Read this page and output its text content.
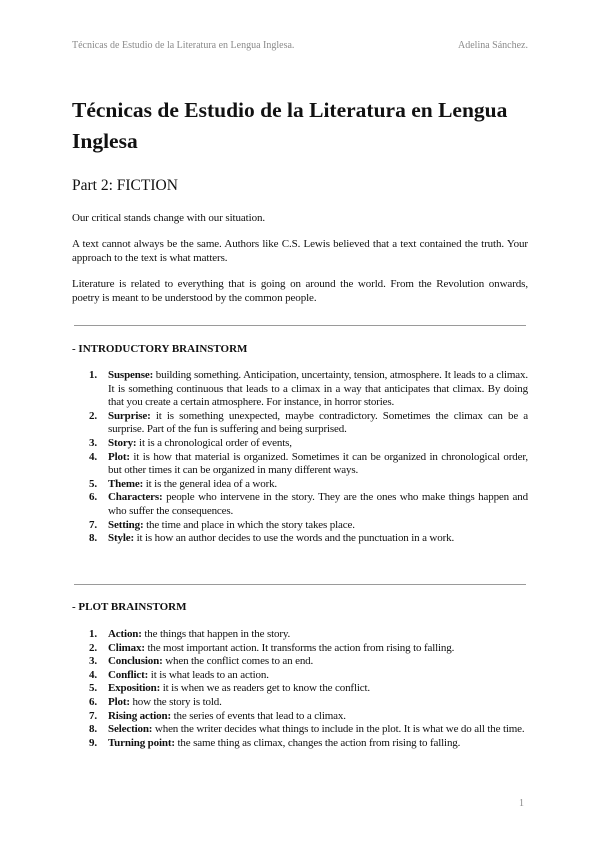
Técnicas de Estudio de la Literatura en Lengua Inglesa.	Adelina Sánchez.
Técnicas de Estudio de la Literatura en Lengua Inglesa
Part 2: FICTION

Our critical stands change with our situation.

A text cannot always be the same. Authors like C.S. Lewis believed that a text contained the truth. Your approach to the text is what matters.

Literature is related to everything that is going on around the world. From the Revolution onwards, poetry is meant to be understood by the common people.

- INTRODUCTORY BRAINSTORM
1. Suspense: building something. Anticipation, uncertainty, tension, atmosphere. It leads to a climax. It is something continuous that leads to a climax in a way that anticipates that climax. By doing that you create a certain atmosphere. For instance, in horror stories.
2. Surprise: it is something unexpected, maybe contradictory. Sometimes the climax can be a surprise. Part of the fun is suffering and being surprised.
3. Story: it is a chronological order of events,
4. Plot: it is how that material is organized. Sometimes it can be organized in chronological order, but other times it can be organized in many different ways.
5. Theme: it is the general idea of a work.
6. Characters: people who intervene in the story. They are the ones who make things happen and who suffer the consequences.
7. Setting: the time and place in which the story takes place.
8. Style: it is how an author decides to use the words and the punctuation in a work.
- PLOT BRAINSTORM
1. Action: the things that happen in the story.
2. Climax: the most important action. It transforms the action from rising to falling.
3. Conclusion: when the conflict comes to an end.
4. Conflict: it is what leads to an action.
5. Exposition: it is when we as readers get to know the conflict.
6. Plot: how the story is told.
7. Rising action: the series of events that lead to a climax.
8. Selection: when the writer decides what things to include in the plot. It is what we do all the time.
9. Turning point: the same thing as climax, changes the action from rising to falling.
1
